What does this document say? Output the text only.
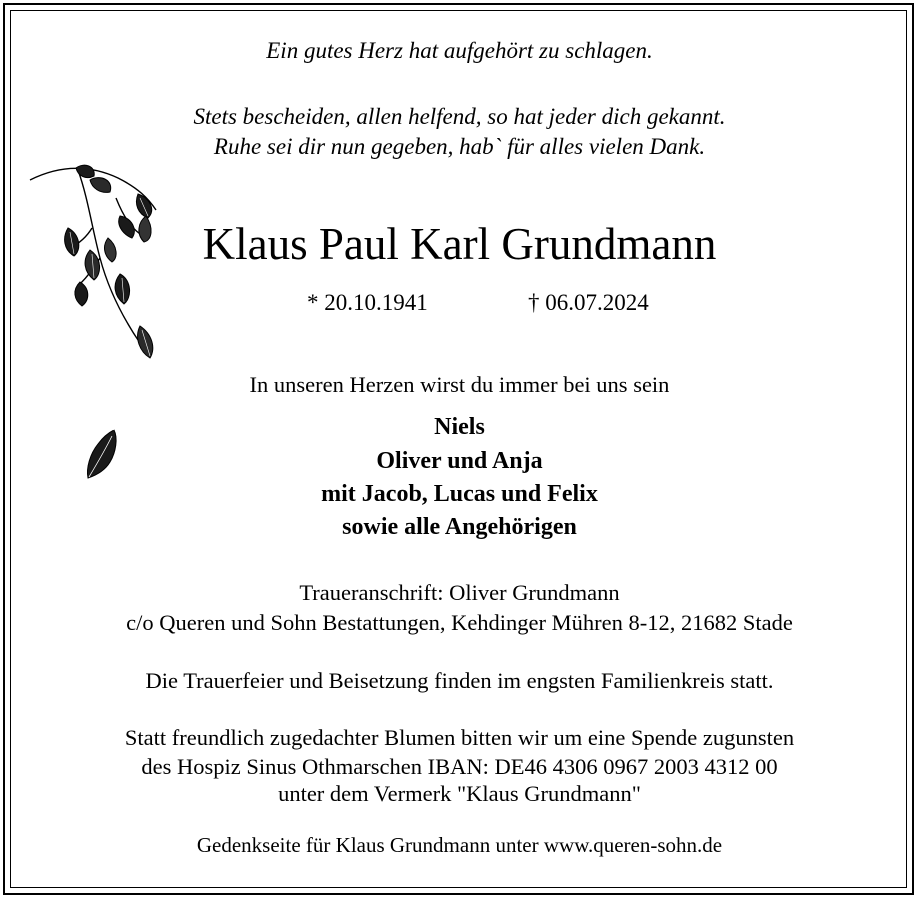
Ein gutes Herz hat aufgehört zu schlagen.

Stets bescheiden, allen helfend, so hat jeder dich gekannt.

Ruhe sei dir nun gegeben, hab` für alles vielen Dank.

Klaus Paul Karl Grundmann

* 20.10.1941	† 06.07.2024

In unseren Herzen wirst du immer bei uns sein

Niels

Oliver und Anja

mit Jacob, Lucas und Felix

sowie alle Angehörigen

Traueranschrift: Oliver Grundmann

c/o Queren und Sohn Bestattungen, Kehdinger Mühren 8-12, 21682 Stade

Die Trauerfeier und Beisetzung finden im engsten Familienkreis statt.

Statt freundlich zugedachter Blumen bitten wir um eine Spende zugunsten

des Hospiz Sinus Othmarschen IBAN: DE46 4306 0967 2003 4312 00

unter dem Vermerk "Klaus Grundmann"

Gedenkseite für Klaus Grundmann unter www.queren-sohn.de
